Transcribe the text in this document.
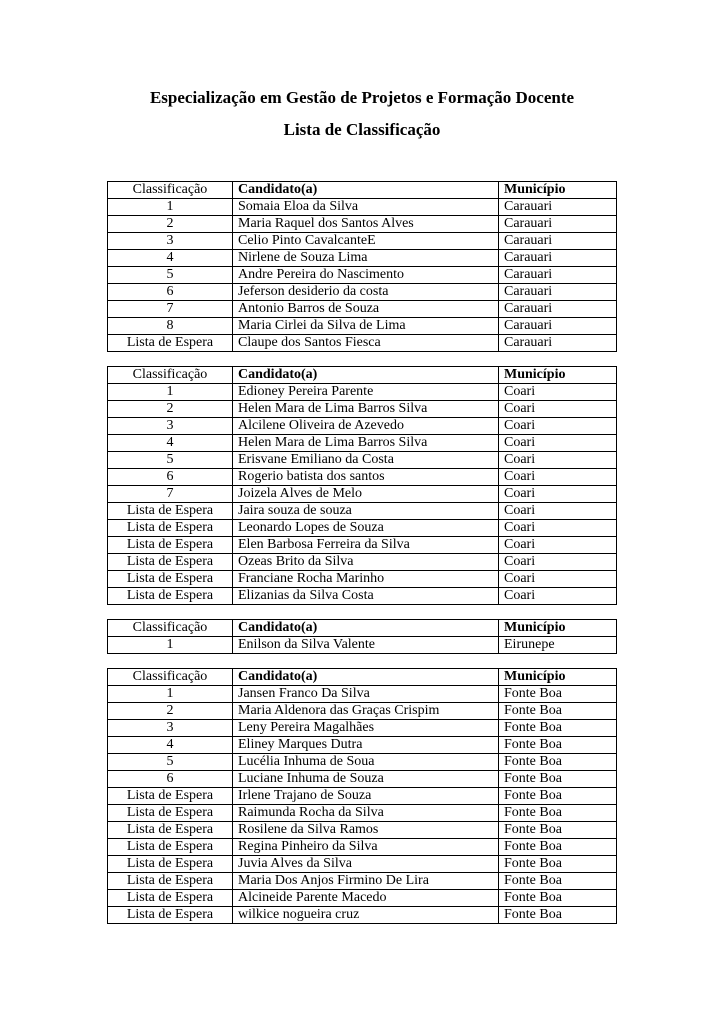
Especialização em Gestão de Projetos e Formação Docente
Lista de Classificação
Classificação	Candidato(a)	Município
1	Somaia Eloa da Silva	Carauari
2	Maria Raquel dos Santos Alves	Carauari
3	Celio Pinto CavalcanteE	Carauari
4	Nirlene de Souza Lima	Carauari
5	Andre Pereira do Nascimento	Carauari
6	Jeferson desiderio da costa	Carauari
7	Antonio Barros de Souza	Carauari
8	Maria Cirlei da Silva de Lima	Carauari
Lista de Espera	Claupe dos Santos Fiesca	Carauari
Classificação	Candidato(a)	Município
1	Edioney Pereira Parente	Coari
2	Helen Mara de Lima Barros Silva	Coari
3	Alcilene Oliveira de Azevedo	Coari
4	Helen Mara de Lima Barros Silva	Coari
5	Erisvane Emiliano da Costa	Coari
6	Rogerio batista dos santos	Coari
7	Joizela Alves de Melo	Coari
Lista de Espera	Jaira souza de souza	Coari
Lista de Espera	Leonardo Lopes de Souza	Coari
Lista de Espera	Elen Barbosa Ferreira da Silva	Coari
Lista de Espera	Ozeas Brito da Silva	Coari
Lista de Espera	Franciane Rocha Marinho	Coari
Lista de Espera	Elizanias da Silva Costa	Coari
Classificação	Candidato(a)	Município
1	Enilson da Silva Valente	Eirunepe
Classificação	Candidato(a)	Município
1	Jansen Franco Da Silva	Fonte Boa
2	Maria Aldenora das Graças Crispim	Fonte Boa
3	Leny Pereira Magalhães	Fonte Boa
4	Eliney Marques Dutra	Fonte Boa
5	Lucélia Inhuma de Soua	Fonte Boa
6	Luciane Inhuma de Souza	Fonte Boa
Lista de Espera	Irlene Trajano de Souza	Fonte Boa
Lista de Espera	Raimunda Rocha da Silva	Fonte Boa
Lista de Espera	Rosilene da Silva Ramos	Fonte Boa
Lista de Espera	Regina Pinheiro da Silva	Fonte Boa
Lista de Espera	Juvia Alves da Silva	Fonte Boa
Lista de Espera	Maria Dos Anjos Firmino De Lira	Fonte Boa
Lista de Espera	Alcineide Parente Macedo	Fonte Boa
Lista de Espera	wilkice nogueira cruz	Fonte Boa
